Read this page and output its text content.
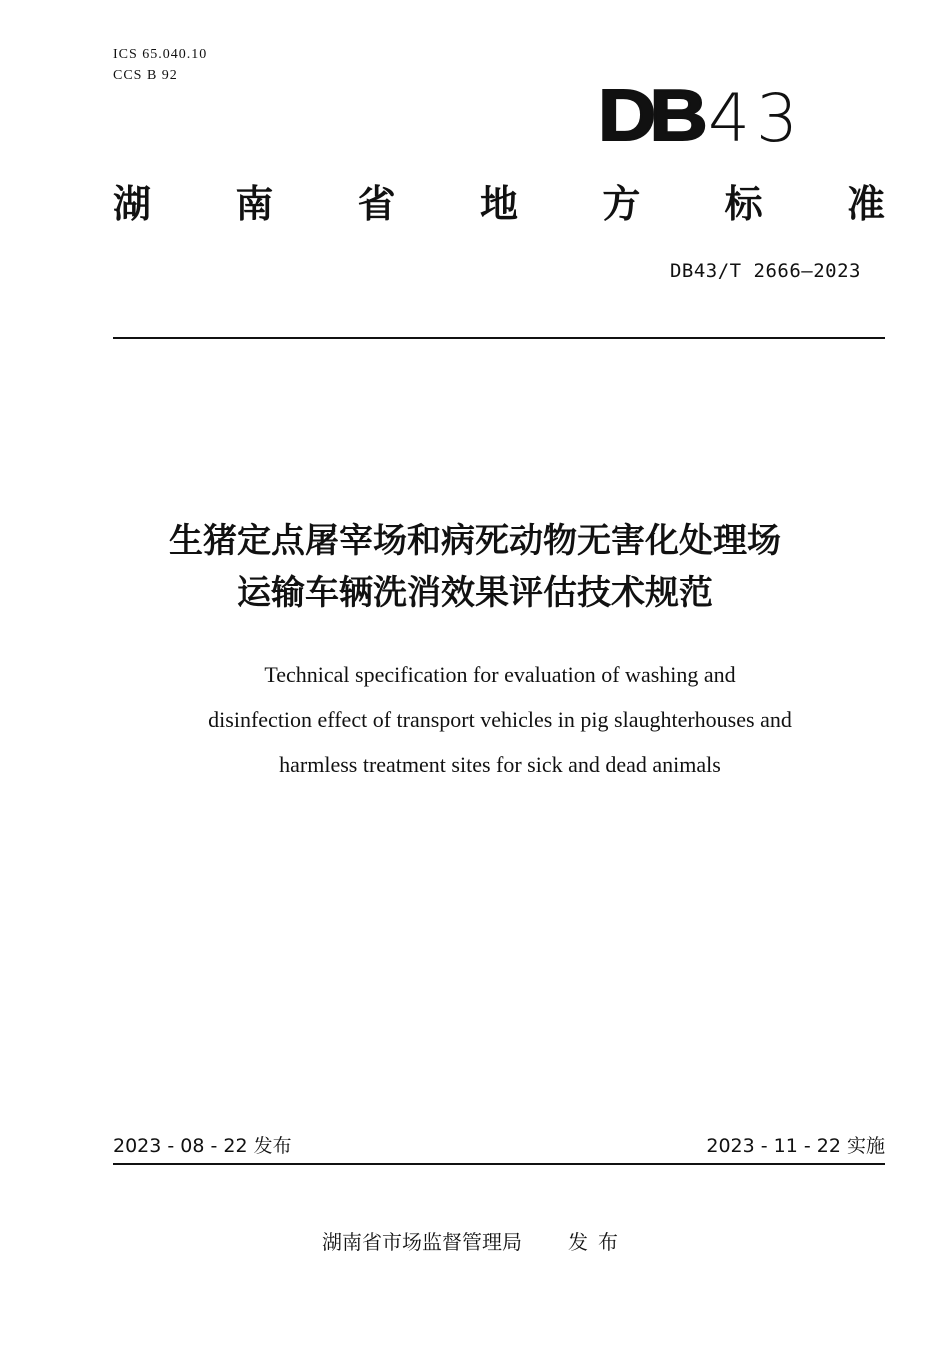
ICS 65.040.10
CCS B 92
DB 43
湖 南 省 地 方 标 准
DB43/T 2666—2023
生猪定点屠宰场和病死动物无害化处理场
运输车辆洗消效果评估技术规范
Technical specification for evaluation of washing and
disinfection effect of transport vehicles in pig slaughterhouses and
harmless treatment sites for sick and dead animals
2023 - 08 - 22 发布	2023 - 11 - 22 实施
湖南省市场监督管理局 发布
